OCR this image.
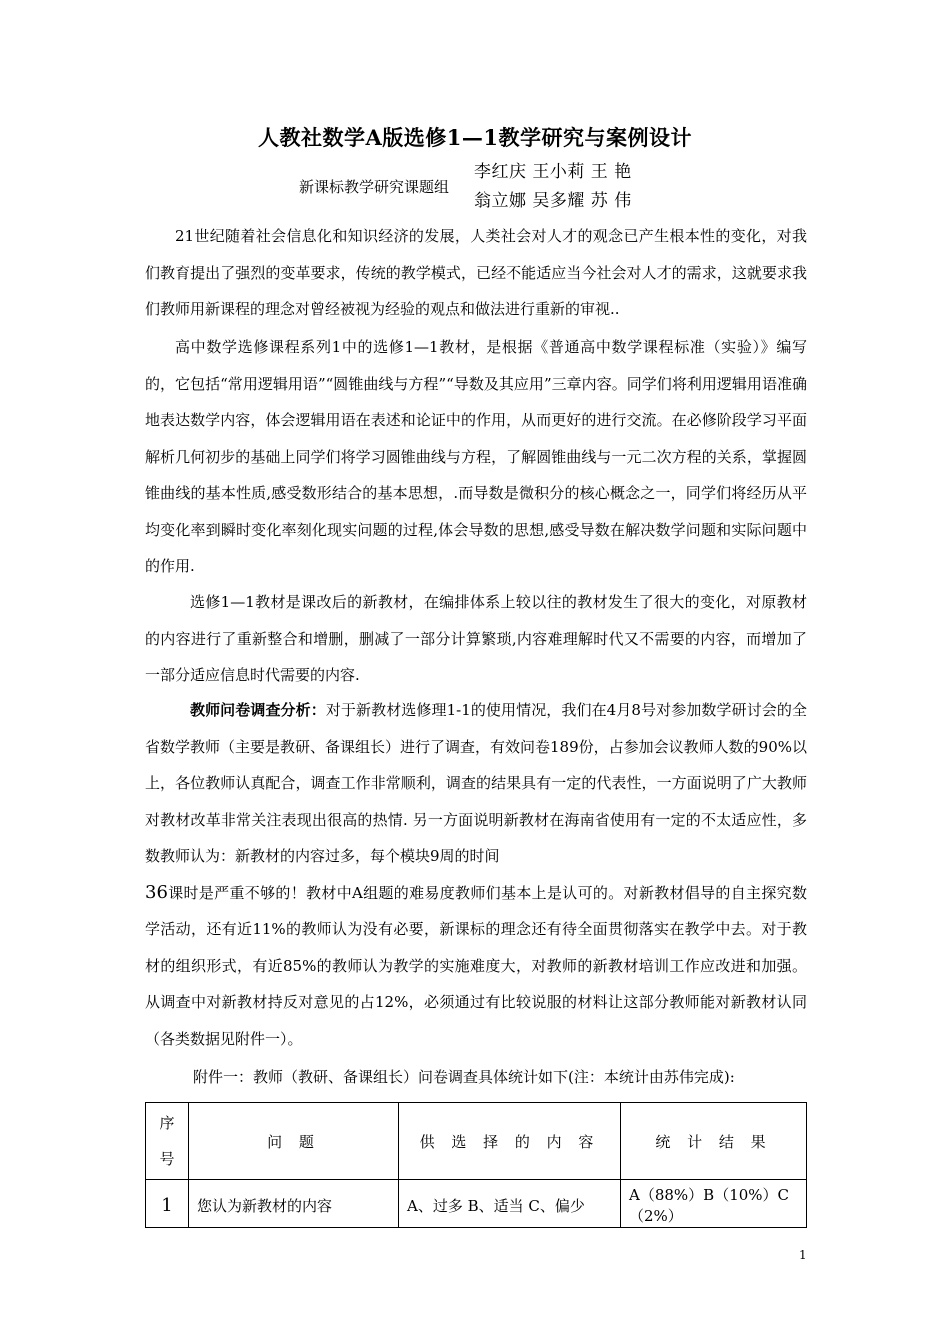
人教社数学A版选修1—1教学研究与案例设计
新课标教学研究课题组
李红庆 王小莉 王 艳
翁立娜 吴多耀 苏 伟
21世纪随着社会信息化和知识经济的发展，人类社会对人才的观念已产生根本性的变化，对我们教育提出了强烈的变革要求，传统的教学模式，已经不能适应当今社会对人才的需求，这就要求我们教师用新课程的理念对曾经被视为经验的观点和做法进行重新的审视..
高中数学选修课程系列1中的选修1—1教材，是根据《普通高中数学课程标准（实验）》编写的，它包括“常用逻辑用语”“圆锥曲线与方程”“导数及其应用”三章内容。同学们将利用逻辑用语准确地表达数学内容，体会逻辑用语在表述和论证中的作用，从而更好的进行交流。在必修阶段学习平面解析几何初步的基础上同学们将学习圆锥曲线与方程，了解圆锥曲线与一元二次方程的关系，掌握圆锥曲线的基本性质,感受数形结合的基本思想，.而导数是微积分的核心概念之一，同学们将经历从平均变化率到瞬时变化率刻化现实问题的过程,体会导数的思想,感受导数在解决数学问题和实际问题中的作用.
选修1—1教材是课改后的新教材，在编排体系上较以往的教材发生了很大的变化，对原教材的内容进行了重新整合和增删，删减了一部分计算繁琐,内容难理解时代又不需要的内容，而增加了一部分适应信息时代需要的内容.
教师问卷调查分析：对于新教材选修理1-1的使用情况，我们在4月8号对参加数学研讨会的全省数学教师（主要是教研、备课组长）进行了调查，有效问卷189份，占参加会议教师人数的90%以上，各位教师认真配合，调查工作非常顺利，调查的结果具有一定的代表性，一方面说明了广大教师对教材改革非常关注表现出很高的热情. 另一方面说明新教材在海南省使用有一定的不太适应性，多数教师认为：新教材的内容过多，每个模块9周的时间
36课时是严重不够的！教材中A组题的难易度教师们基本上是认可的。对新教材倡导的自主探究数学活动，还有近11%的教师认为没有必要，新课标的理念还有待全面贯彻落实在教学中去。对于教材的组织形式，有近85%的教师认为教学的实施难度大，对教师的新教材培训工作应改进和加强。从调查中对新教材持反对意见的占12%，必须通过有比较说服的材料让这部分教师能对新教材认同（各类数据见附件一）。
附件一：教师（教研、备课组长）问卷调查具体统计如下(注：本统计由苏伟完成):
序
号	问 题	供 选 择 的 内 容	统 计 结 果
1	您认为新教材的内容	A、过多 B、适当 C、偏少	A（88%）B（10%）C（2%）
1
